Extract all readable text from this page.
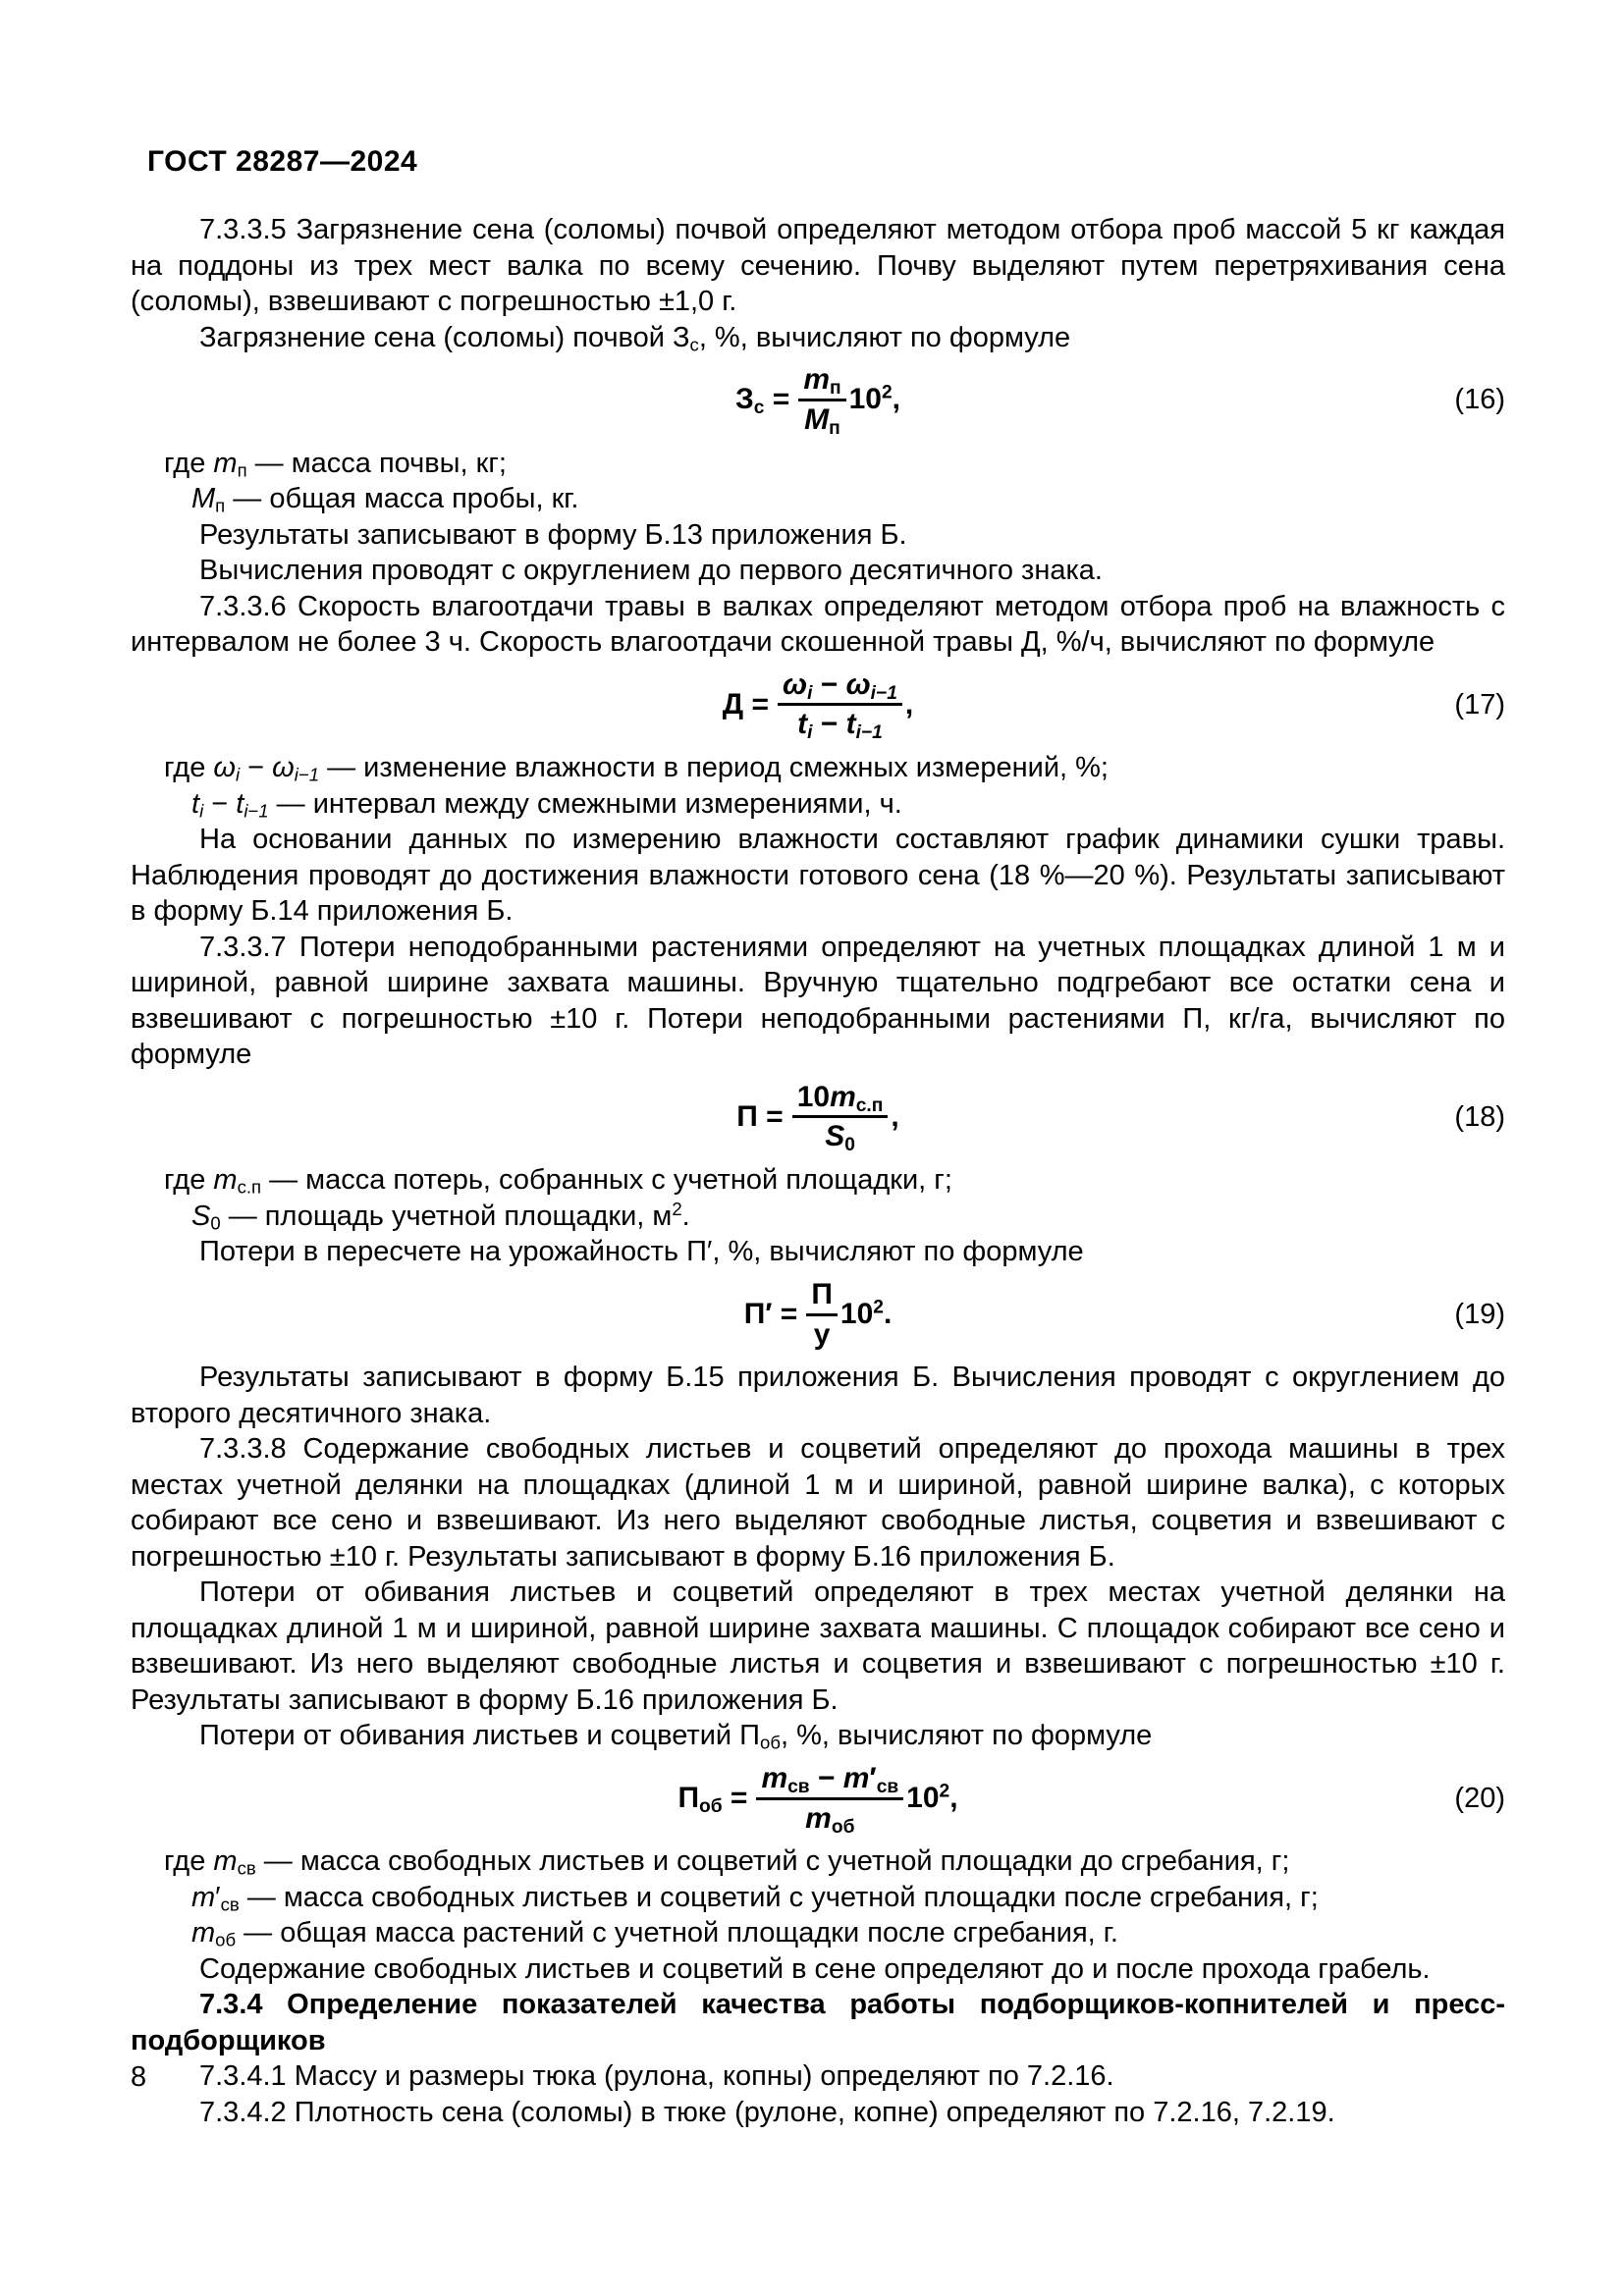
ГОСТ 28287—2024

7.3.3.5 Загрязнение сена (соломы) почвой определяют методом отбора проб массой 5 кг каждая на поддоны из трех мест валка по всему сечению. Почву выделяют путем перетряхивания сена (соломы), взвешивают с погрешностью ±1,0 г.

Загрязнение сена (соломы) почвой $З_с$, %, вычисляют по формуле

$З_с = \frac{m_п}{M_п} 10^2$,	(16)

где $m_п$ — масса почвы, кг;

$M_п$ — общая масса пробы, кг.

Результаты записывают в форму Б.13 приложения Б.

Вычисления проводят с округлением до первого десятичного знака.

7.3.3.6 Скорость влагоотдачи травы в валках определяют методом отбора проб на влажность с интервалом не более 3 ч. Скорость влагоотдачи скошенной травы Д, %/ч, вычисляют по формуле

$Д = \frac{\omega_i - \omega_{i-1}}{t_i - t_{i-1}}$ ,	(17)

где $\omega_i - \omega_{i-1}$ — изменение влажности в период смежных измерений, %;

$t_i - t_{i-1}$ — интервал между смежными измерениями, ч.

На основании данных по измерению влажности составляют график динамики сушки травы. Наблюдения проводят до достижения влажности готового сена (18 %—20 %). Результаты записывают в форму Б.14 приложения Б.

7.3.3.7 Потери неподобранными растениями определяют на учетных площадках длиной 1 м и шириной, равной ширине захвата машины. Вручную тщательно подгребают все остатки сена и взвешивают с погрешностью ±10 г. Потери неподобранными растениями П, кг/га, вычисляют по формуле

$П = \frac{10m_{с.п}}{S_0}$ ,	(18)

где $m_{с.п}$ — масса потерь, собранных с учетной площадки, г;

$S_0$ — площадь учетной площадки, $м^2$.

Потери в пересчете на урожайность П′, %, вычисляют по формуле

$П' = \frac{П}{у} 10^2$.	(19)

Результаты записывают в форму Б.15 приложения Б. Вычисления проводят с округлением до второго десятичного знака.

7.3.3.8 Содержание свободных листьев и соцветий определяют до прохода машины в трех местах учетной делянки на площадках (длиной 1 м и шириной, равной ширине валка), с которых собирают все сено и взвешивают. Из него выделяют свободные листья, соцветия и взвешивают с погрешностью ±10 г. Результаты записывают в форму Б.16 приложения Б.

Потери от обивания листьев и соцветий определяют в трех местах учетной делянки на площадках длиной 1 м и шириной, равной ширине захвата машины. С площадок собирают все сено и взвешивают. Из него выделяют свободные листья и соцветия и взвешивают с погрешностью ±10 г. Результаты записывают в форму Б.16 приложения Б.

Потери от обивания листьев и соцветий $П_{об}$, %, вычисляют по формуле

$П_{об} = \frac{m_{св} - m'_{св}}{m_{об}} 10^2$,	(20)

где $m_{св}$ — масса свободных листьев и соцветий с учетной площадки до сгребания, г;

$m'_{св}$ — масса свободных листьев и соцветий с учетной площадки после сгребания, г;

$m_{об}$ — общая масса растений с учетной площадки после сгребания, г.

Содержание свободных листьев и соцветий в сене определяют до и после прохода грабель.

7.3.4 Определение показателей качества работы подборщиков-копнителей и пресс-подборщиков

7.3.4.1 Массу и размеры тюка (рулона, копны) определяют по 7.2.16.

7.3.4.2 Плотность сена (соломы) в тюке (рулоне, копне) определяют по 7.2.16, 7.2.19.

8
